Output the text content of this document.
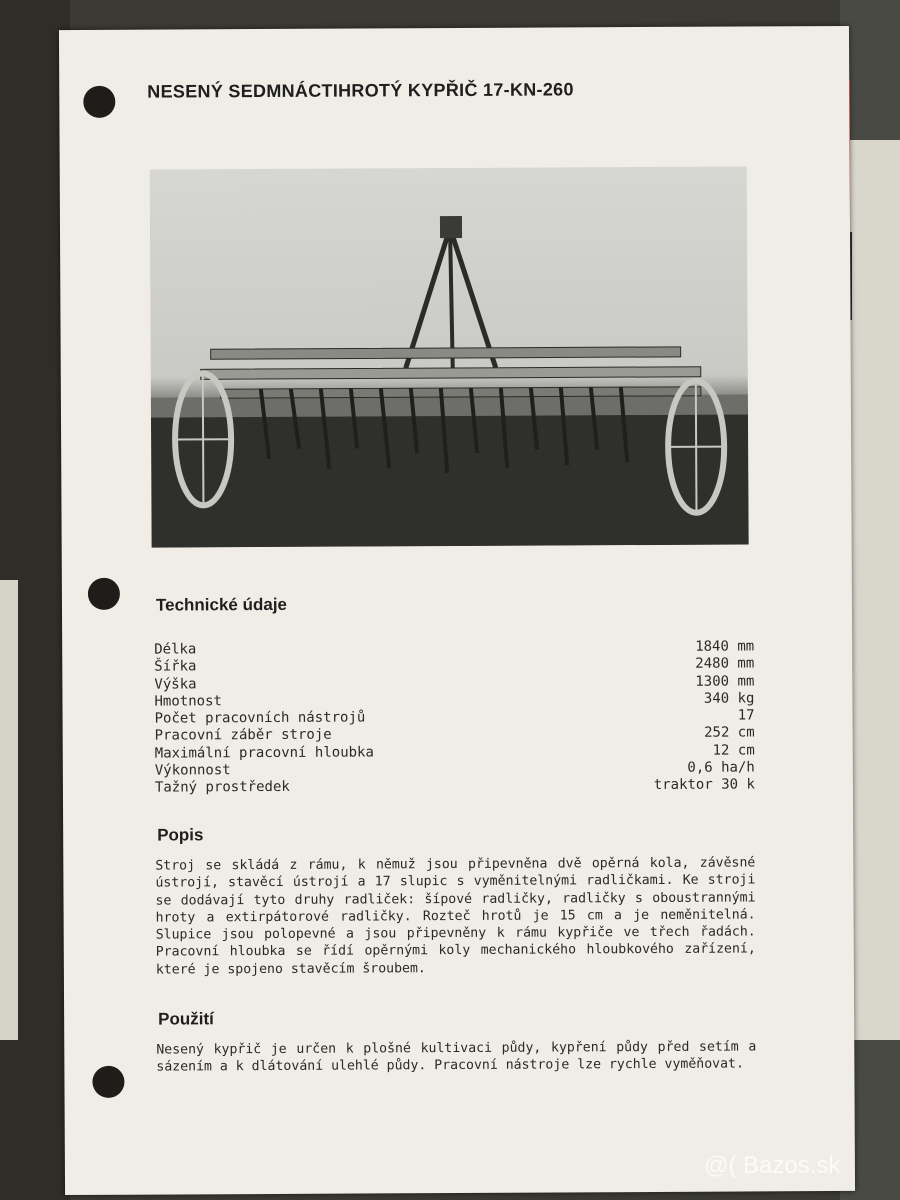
NESENÝ SEDMNÁCTIHROTÝ KYPŘIČ 17-KN-260
Technické údaje
Délka	1840 mm
Šířka	2480 mm
Výška	1300 mm
Hmotnost	340 kg
Počet pracovních nástrojů	17
Pracovní záběr stroje	252 cm
Maximální pracovní hloubka	12 cm
Výkonnost	0,6 ha/h
Tažný prostředek	traktor 30 k
Popis
Stroj se skládá z rámu, k němuž jsou připevněna dvě opěrná kola, závěsné ústrojí, stavěcí ústrojí a 17 slupic s vyměnitelnými radličkami. Ke stroji se dodávají tyto druhy radliček: šípové radličky, radličky s oboustrannými hroty a extirpátorové radličky. Rozteč hrotů je 15 cm a je neměnitelná. Slupice jsou polopevné a jsou připevněny k rámu kypřiče ve třech řadách. Pracovní hloubka se řídí opěrnými koly mechanického hloubkového zařízení, které je spojeno stavěcím šroubem.
Použití
Nesený kypřič je určen k plošné kultivaci půdy, kypření půdy před setím a sázením a k dlátování ulehlé půdy. Pracovní nástroje lze rychle vyměňovat.
@( Bazos.sk
